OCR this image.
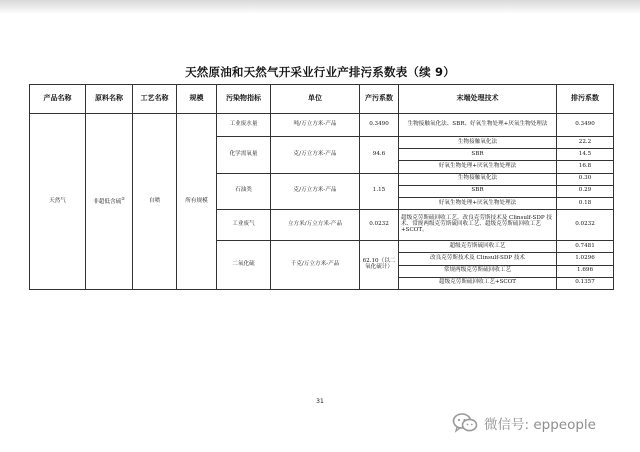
天然原油和天然气开采业行业产排污系数表（续 9）
产品名称	原料名称	工艺名称	规模	污染物指标	单位	产污系数	末端处理技术	排污系数
天然气	非超低含硫②	自喷	所有规模	工业废水量	吨/万立方米-产品	0.3490	生物接触氧化法、SBR、好氧生物处理+厌氧生物处理法	0.3490
				化学需氧量	克/万立方米-产品	94.6	生物接触氧化法	22.2
							SBR	14.5
							好氧生物处理+厌氧生物处理法	16.8
				石油类	克/万立方米-产品	1.15	生物接触氧化法	0.30
							SBR	0.29
							好氧生物处理+厌氧生物处理法	0.18
				工业废气	立方米/万立方米-产品	0.0232	超级克劳斯硫回收工艺、改良克劳斯技术及 Clinsulf-SDP 技术、常规两级克劳斯硫回收工艺、超级克劳斯硫回收工艺+SCOT。	0.0232
				二氧化硫	千克/万立方米-产品	62.10（以二氧化硫计）	超级克劳斯硫回收工艺	0.7481
							改良克劳斯技术及 Clinsulf-SDP 技术	1.0296
							常规两级克劳斯硫回收工艺	1.696
							超级克劳斯硫回收工艺+SCOT	0.1357
31
微信号: eppeople
